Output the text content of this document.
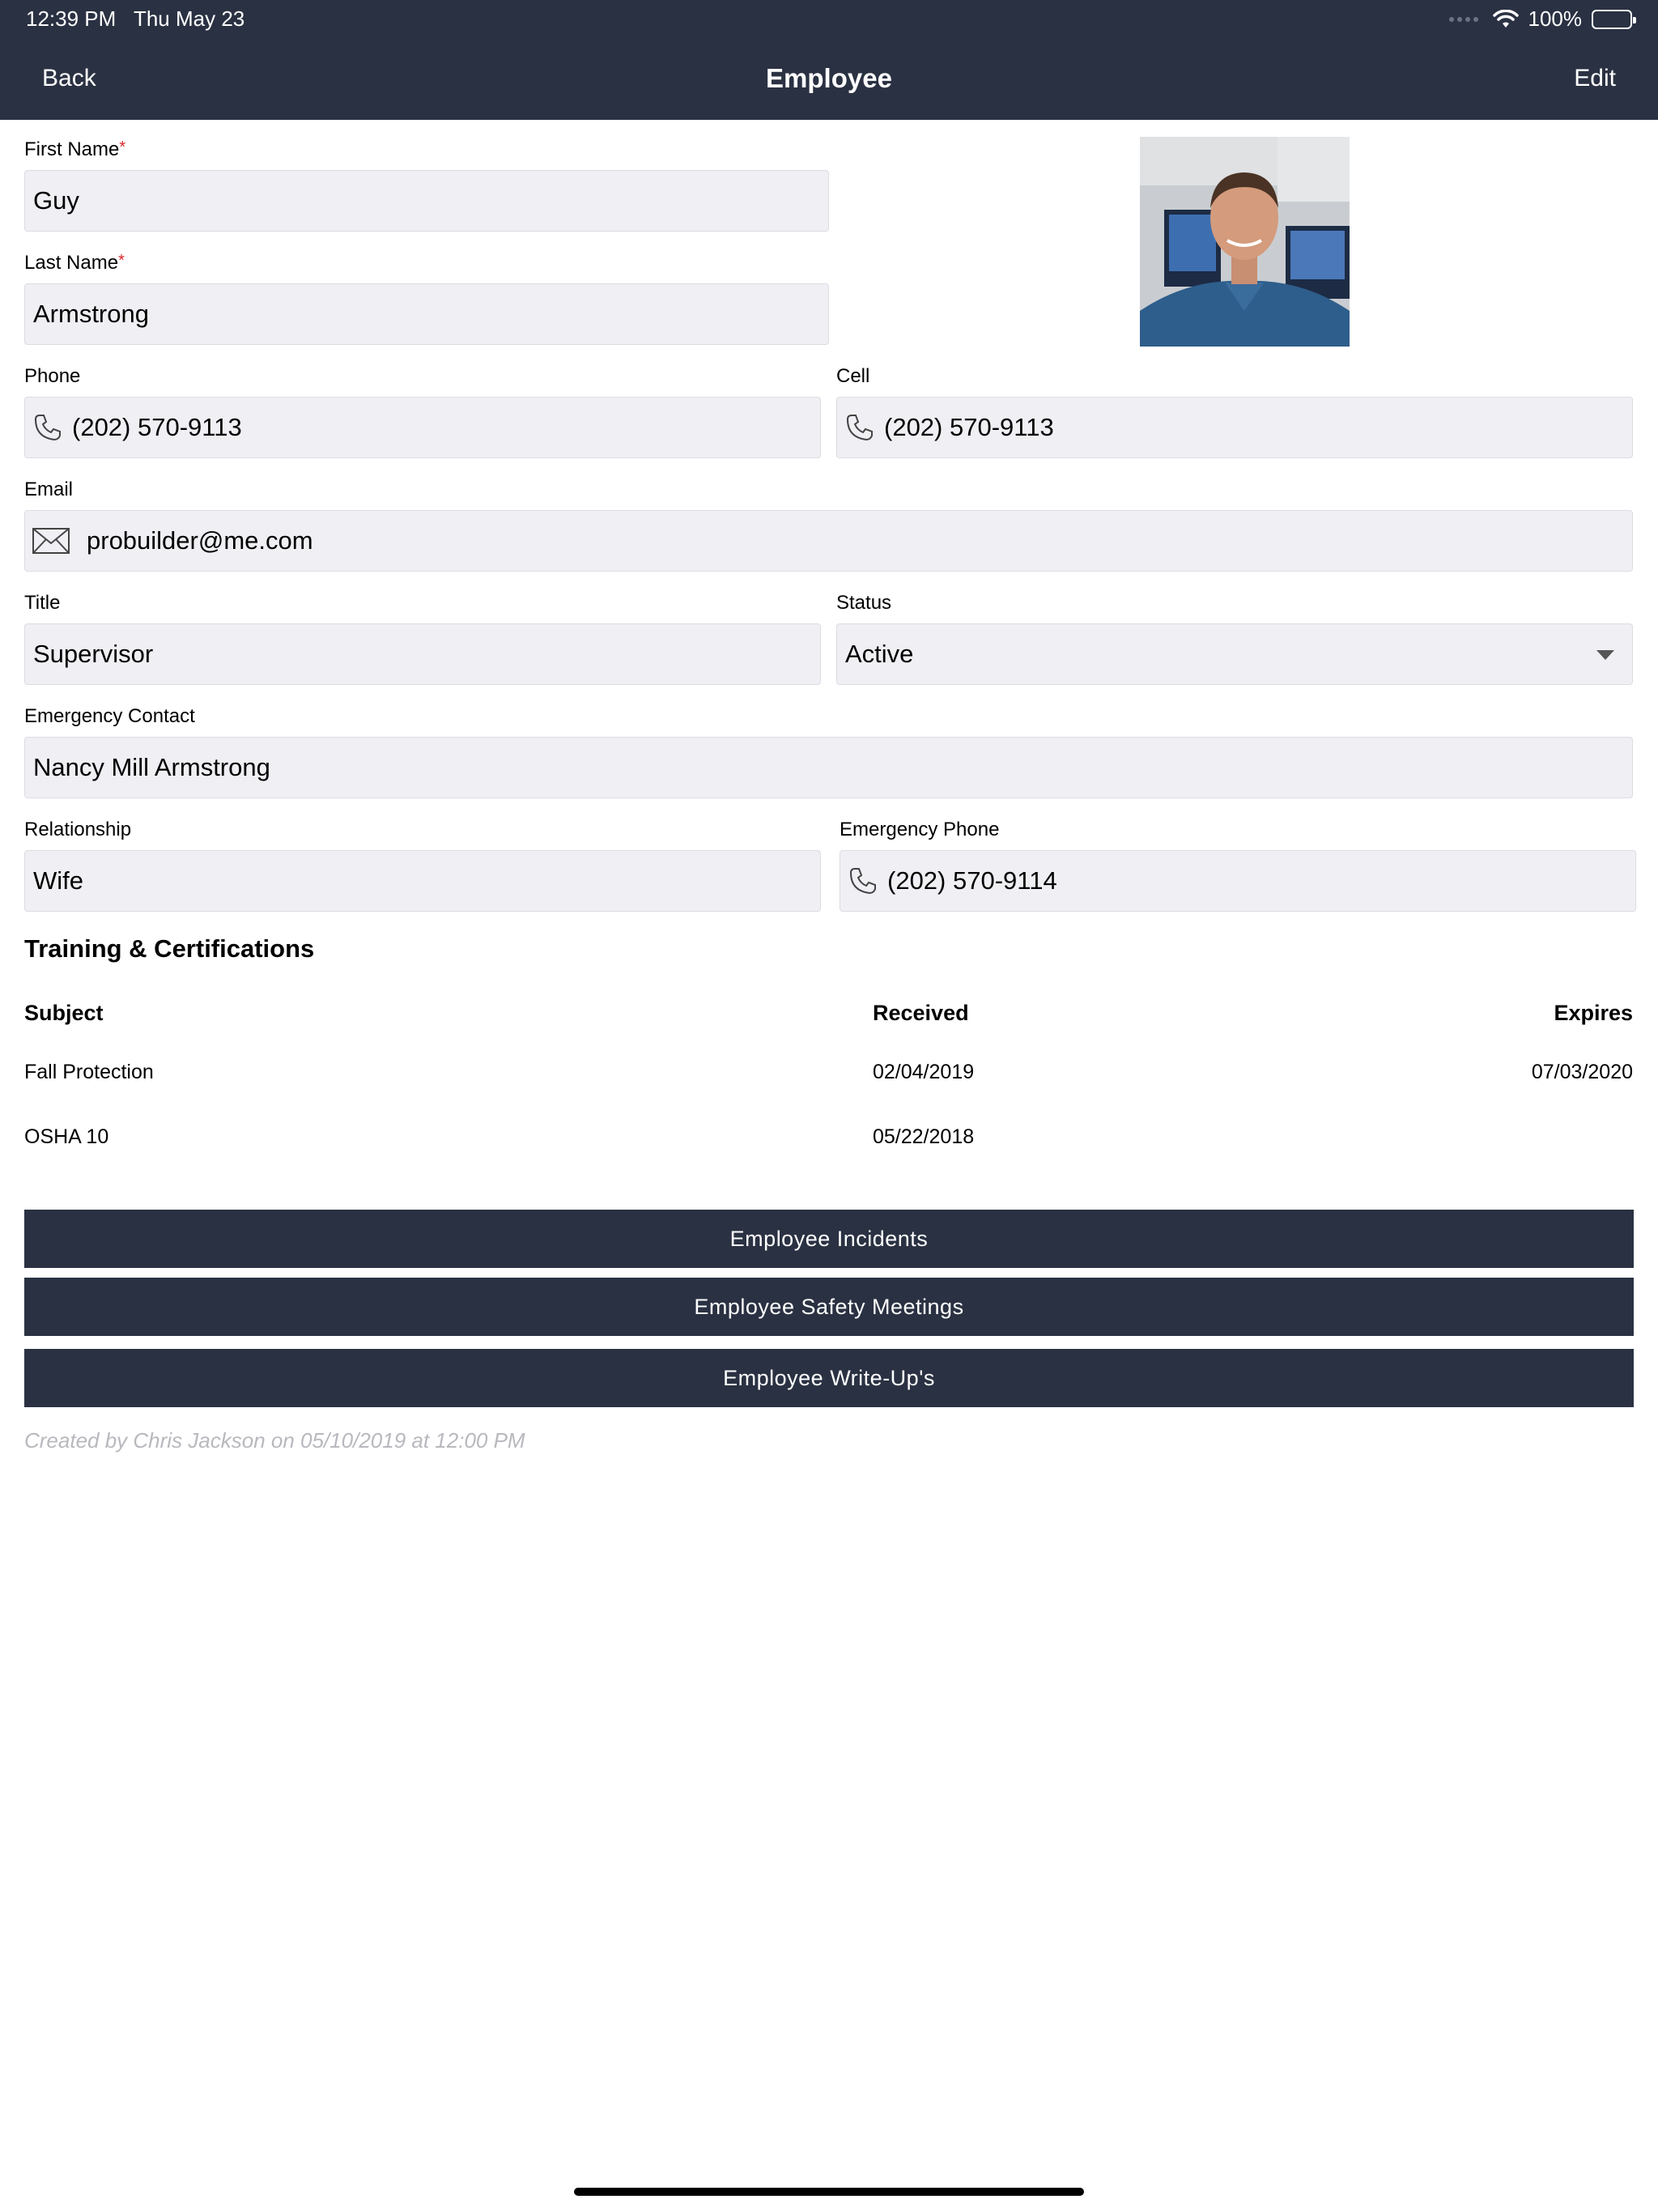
12:39 PM Thu May 23	100%
Back	Employee	Edit
First Name*
Guy
Last Name*
Armstrong
Phone
(202) 570-9113
Cell
(202) 570-9113
Email
probuilder@me.com
Title
Supervisor
Status
Active
Emergency Contact
Nancy Mill Armstrong
Relationship
Wife
Emergency Phone
(202) 570-9114
Training & Certifications
Subject	Received	Expires
Fall Protection	02/04/2019	07/03/2020
OSHA 10	05/22/2018
Employee Incidents
Employee Safety Meetings
Employee Write-Up's
Created by Chris Jackson on 05/10/2019 at 12:00 PM
